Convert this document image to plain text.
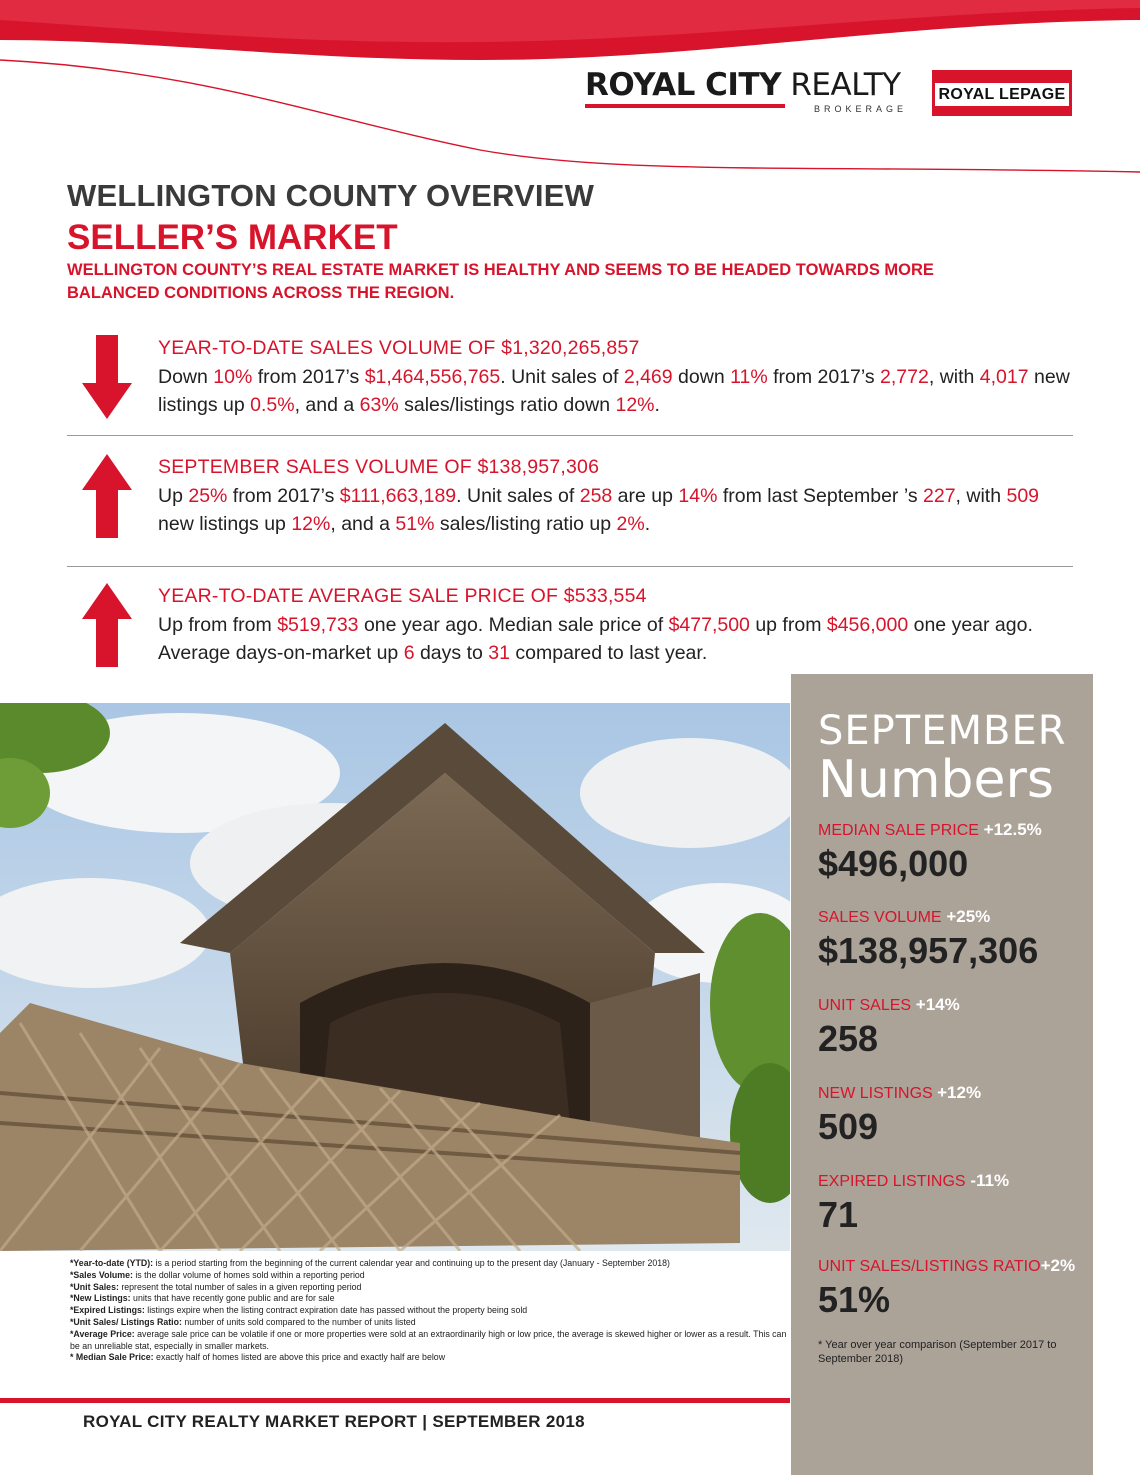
ROYAL CITY REALTY
BROKERAGE
ROYAL LEPAGE
WELLINGTON COUNTY OVERVIEW
SELLER’S MARKET
WELLINGTON COUNTY’S REAL ESTATE MARKET IS HEALTHY AND SEEMS TO BE HEADED TOWARDS MORE BALANCED CONDITIONS ACROSS THE REGION.
YEAR-TO-DATE SALES VOLUME OF $1,320,265,857
Down 10% from 2017’s $1,464,556,765. Unit sales of 2,469 down 11% from 2017’s 2,772, with 4,017 new listings up 0.5%, and a 63% sales/listings ratio down 12%.
SEPTEMBER SALES VOLUME OF $138,957,306
Up 25% from 2017’s $111,663,189. Unit sales of 258 are up 14% from last September ’s 227, with 509 new listings up 12%, and a 51% sales/listing ratio up 2%.
YEAR-TO-DATE AVERAGE SALE PRICE OF $533,554
Up from from $519,733 one year ago. Median sale price of $477,500 up from $456,000 one year ago. Average days-on-market up 6 days to 31 compared to last year.
*Year-to-date (YTD): is a period starting from the beginning of the current calendar year and continuing up to the present day (January - September 2018)
*Sales Volume: is the dollar volume of homes sold within a reporting period
*Unit Sales: represent the total number of sales in a given reporting period
*New Listings: units that have recently gone public and are for sale
*Expired Listings: listings expire when the listing contract expiration date has passed without the property being sold
*Unit Sales/ Listings Ratio: number of units sold compared to the number of units listed
*Average Price: average sale price can be volatile if one or more properties were sold at an extraordinarily high or low price, the average is skewed higher or lower as a result. This can be an unreliable stat, especially in smaller markets.
* Median Sale Price: exactly half of homes listed are above this price and exactly half are below
ROYAL CITY REALTY MARKET REPORT | SEPTEMBER 2018
SEPTEMBER
Numbers
MEDIAN SALE PRICE +12.5%
$496,000
SALES VOLUME +25%
$138,957,306
UNIT SALES +14%
258
NEW LISTINGS +12%
509
EXPIRED LISTINGS -11%
71
UNIT SALES/LISTINGS RATIO+2%
51%
* Year over year comparison (September 2017 to September 2018)
